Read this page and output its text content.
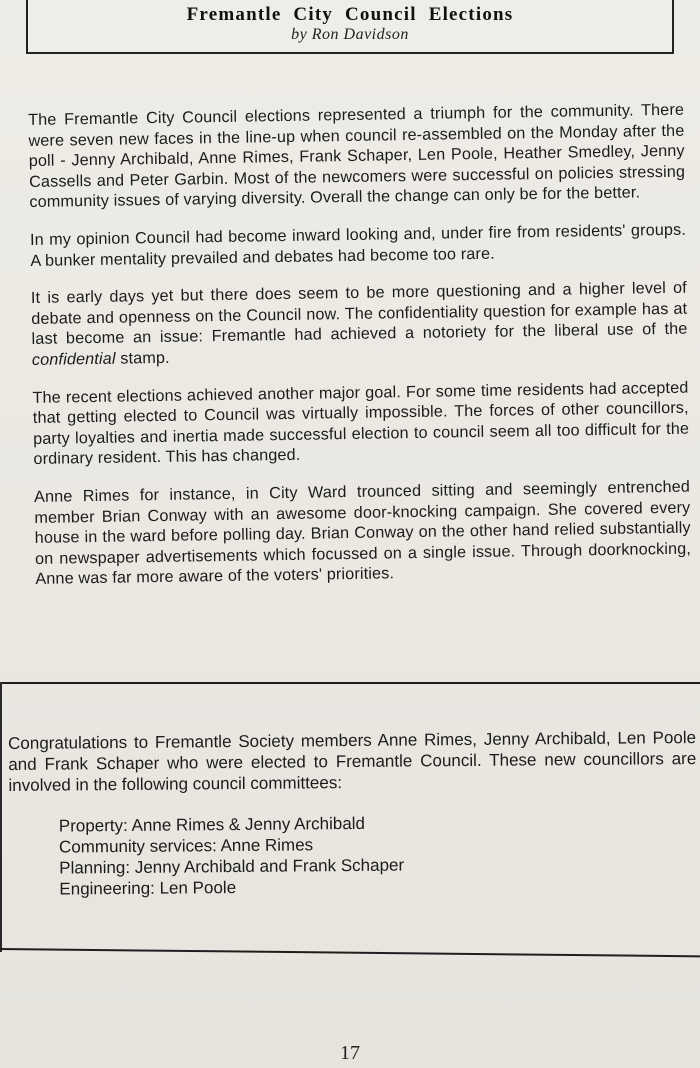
Fremantle City Council Elections
by Ron Davidson

The Fremantle City Council elections represented a triumph for the community. There were seven new faces in the line-up when council re-assembled on the Monday after the poll - Jenny Archibald, Anne Rimes, Frank Schaper, Len Poole, Heather Smedley, Jenny Cassells and Peter Garbin. Most of the newcomers were successful on policies stressing community issues of varying diversity. Overall the change can only be for the better.

In my opinion Council had become inward looking and, under fire from residents' groups. A bunker mentality prevailed and debates had become too rare.

It is early days yet but there does seem to be more questioning and a higher level of debate and openness on the Council now. The confidentiality question for example has at last become an issue: Fremantle had achieved a notoriety for the liberal use of the confidential stamp.

The recent elections achieved another major goal. For some time residents had accepted that getting elected to Council was virtually impossible. The forces of other councillors, party loyalties and inertia made successful election to council seem all too difficult for the ordinary resident. This has changed.

Anne Rimes for instance, in City Ward trounced sitting and seemingly entrenched member Brian Conway with an awesome door-knocking campaign. She covered every house in the ward before polling day. Brian Conway on the other hand relied substantially on newspaper advertisements which focussed on a single issue. Through doorknocking, Anne was far more aware of the voters' priorities.

Congratulations to Fremantle Society members Anne Rimes, Jenny Archibald, Len Poole and Frank Schaper who were elected to Fremantle Council. These new councillors are involved in the following council committees:

Property: Anne Rimes & Jenny Archibald

Community services: Anne Rimes

Planning: Jenny Archibald and Frank Schaper

Engineering: Len Poole

17
